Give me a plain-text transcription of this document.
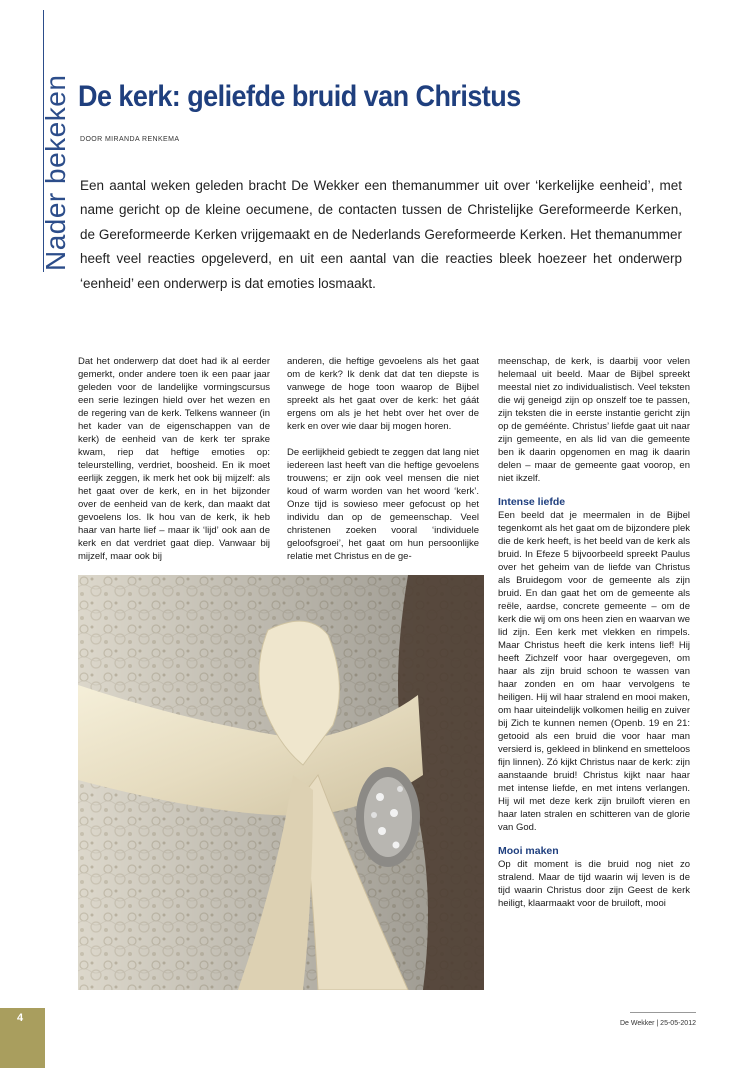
Nader bekeken De kerk: geliefde bruid van Christus
DOOR MIRANDA RENKEMA

Een aantal weken geleden bracht De Wekker een themanummer uit over ‘kerkelijke eenheid’, met name gericht op de kleine oecumene, de contacten tussen de Christelijke Gereformeerde Kerken, de Gereformeerde Kerken vrijgemaakt en de Nederlands Gereformeerde Kerken. Het themanummer heeft veel reacties opgeleverd, en uit een aantal van die reacties bleek hoezeer het onderwerp ‘eenheid’ een onderwerp is dat emoties losmaakt.

Dat het onderwerp dat doet had ik al eerder gemerkt, onder andere toen ik een paar jaar geleden voor de landelijke vormingscursus een serie lezingen hield over het wezen en de regering van de kerk. Telkens wanneer (in het kader van de eigenschappen van de kerk) de eenheid van de kerk ter sprake kwam, riep dat heftige emoties op: teleurstelling, verdriet, boosheid. En ik moet eerlijk zeggen, ik merk het ook bij mijzelf: als het gaat over de kerk, en in het bijzonder over de eenheid van de kerk, dan maakt dat gevoelens los. Ik hou van de kerk, ik heb haar van harte lief – maar ik ‘lijd’ ook aan de kerk en dat verdriet gaat diep. Vanwaar bij mijzelf, maar ook bij

anderen, die heftige gevoelens als het gaat om de kerk? Ik denk dat dat ten diepste is vanwege de hoge toon waarop de Bijbel spreekt als het gaat over de kerk: het gáát ergens om als je het hebt over het over de kerk en over wie daar bij mogen horen.

De eerlijkheid gebiedt te zeggen dat lang niet iedereen last heeft van die heftige gevoelens trouwens; er zijn ook veel mensen die niet koud of warm worden van het woord ‘kerk’. Onze tijd is sowieso meer gefocust op het individu dan op de gemeenschap. Veel christenen zoeken vooral ‘individuele geloofsgroei’, het gaat om hun persoonlijke relatie met Christus en de ge-

meenschap, de kerk, is daarbij voor velen helemaal uit beeld. Maar de Bijbel spreekt meestal niet zo individualistisch. Veel teksten die wij geneigd zijn op onszelf toe te passen, zijn teksten die in eerste instantie gericht zijn op de geméénte. Christus’ liefde gaat uit naar zijn gemeente, en als lid van die gemeente ben ik daarin opgenomen en mag ik daarin delen – maar de gemeente gaat voorop, en niet ikzelf.

Intense liefde

Een beeld dat je meermalen in de Bijbel tegenkomt als het gaat om de bijzondere plek die de kerk heeft, is het beeld van de kerk als bruid. In Efeze 5 bijvoorbeeld spreekt Paulus over het geheim van de liefde van Christus als Bruidegom voor de gemeente als zijn bruid. En dan gaat het om de gemeente als reële, aardse, concrete gemeente – om de kerk die wij om ons heen zien en waarvan we lid zijn. Een kerk met vlekken en rimpels. Maar Christus heeft die kerk intens lief! Hij heeft Zichzelf voor haar overgegeven, om haar als zijn bruid schoon te wassen van haar zonden en om haar vervolgens te heiligen. Hij wil haar stralend en mooi maken, om haar uiteindelijk volkomen heilig en zuiver bij Zich te kunnen nemen (Openb. 19 en 21: getooid als een bruid die voor haar man versierd is, gekleed in blinkend en smetteloos fijn linnen). Zó kijkt Christus naar de kerk: zijn aanstaande bruid! Christus kijkt naar haar met intense liefde, en met intens verlangen. Hij wil met deze kerk zijn bruiloft vieren en haar laten stralen en schitteren van de glorie van God.

Mooi maken

Op dit moment is die bruid nog niet zo stralend. Maar de tijd waarin wij leven is de tijd waarin Christus door zijn Geest de kerk heiligt, klaarmaakt voor de bruiloft, mooi

De Wekker | 25-05-2012
4
